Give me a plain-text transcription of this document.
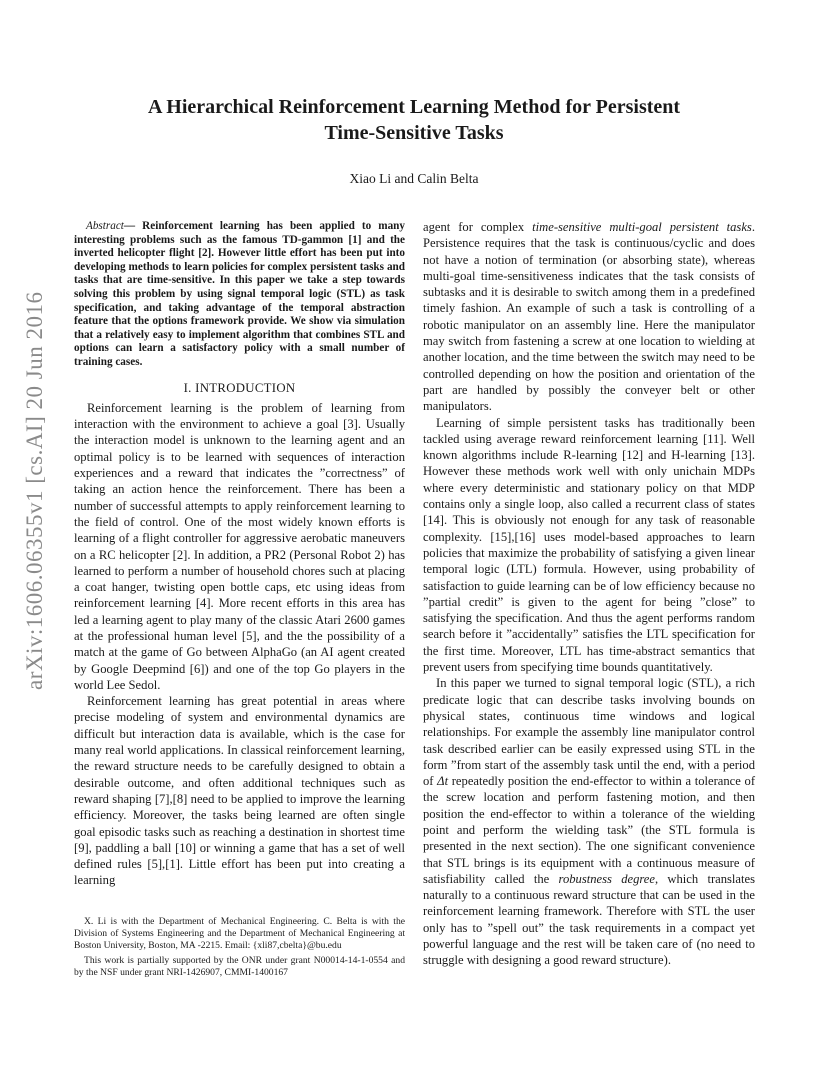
arXiv:1606.06355v1 [cs.AI] 20 Jun 2016
A Hierarchical Reinforcement Learning Method for Persistent
Time-Sensitive Tasks
Xiao Li and Calin Belta

Abstract— Reinforcement learning has been applied to many interesting problems such as the famous TD-gammon [1] and the inverted helicopter flight [2]. However little effort has been put into developing methods to learn policies for complex persistent tasks and tasks that are time-sensitive. In this paper we take a step towards solving this problem by using signal temporal logic (STL) as task specification, and taking advantage of the temporal abstraction feature that the options framework provide. We show via simulation that a relatively easy to implement algorithm that combines STL and options can learn a satisfactory policy with a small number of training cases.

I. INTRODUCTION

Reinforcement learning is the problem of learning from interaction with the environment to achieve a goal [3]. Usually the interaction model is unknown to the learning agent and an optimal policy is to be learned with sequences of interaction experiences and a reward that indicates the ”correctness” of taking an action hence the reinforcement. There has been a number of successful attempts to apply reinforcement learning to the field of control. One of the most widely known efforts is learning of a flight controller for aggressive aerobatic maneuvers on a RC helicopter [2]. In addition, a PR2 (Personal Robot 2) has learned to perform a number of household chores such at placing a coat hanger, twisting open bottle caps, etc using ideas from reinforcement learning [4]. More recent efforts in this area has led a learning agent to play many of the classic Atari 2600 games at the professional human level [5], and the the possibility of a match at the game of Go between AlphaGo (an AI agent created by Google Deepmind [6]) and one of the top Go players in the world Lee Sedol.

Reinforcement learning has great potential in areas where precise modeling of system and environmental dynamics are difficult but interaction data is available, which is the case for many real world applications. In classical reinforcement learning, the reward structure needs to be carefully designed to obtain a desirable outcome, and often additional techniques such as reward shaping [7],[8] need to be applied to improve the learning efficiency. Moreover, the tasks being learned are often single goal episodic tasks such as reaching a destination in shortest time [9], paddling a ball [10] or winning a game that has a set of well defined rules [5],[1]. Little effort has been put into creating a learning

X. Li is with the Department of Mechanical Engineering. C. Belta is with the Division of Systems Engineering and the Department of Mechanical Engineering at Boston University, Boston, MA -2215. Email: {xli87,cbelta}@bu.edu

This work is partially supported by the ONR under grant N00014-14-1-0554 and by the NSF under grant NRI-1426907, CMMI-1400167

agent for complex time-sensitive multi-goal persistent tasks. Persistence requires that the task is continuous/cyclic and does not have a notion of termination (or absorbing state), whereas multi-goal time-sensitiveness indicates that the task consists of subtasks and it is desirable to switch among them in a predefined timely fashion. An example of such a task is controlling of a robotic manipulator on an assembly line. Here the manipulator may switch from fastening a screw at one location to wielding at another location, and the time between the switch may need to be controlled depending on how the position and orientation of the part are handled by possibly the conveyer belt or other manipulators.

Learning of simple persistent tasks has traditionally been tackled using average reward reinforcement learning [11]. Well known algorithms include R-learning [12] and H-learning [13]. However these methods work well with only unichain MDPs where every deterministic and stationary policy on that MDP contains only a single loop, also called a recurrent class of states [14]. This is obviously not enough for any task of reasonable complexity. [15],[16] uses model-based approaches to learn policies that maximize the probability of satisfying a given linear temporal logic (LTL) formula. However, using probability of satisfaction to guide learning can be of low efficiency because no ”partial credit” is given to the agent for being ”close” to satisfying the specification. And thus the agent performs random search before it ”accidentally” satisfies the LTL specification for the first time. Moreover, LTL has time-abstract semantics that prevent users from specifying time bounds quantitatively.

In this paper we turned to signal temporal logic (STL), a rich predicate logic that can describe tasks involving bounds on physical states, continuous time windows and logical relationships. For example the assembly line manipulator control task described earlier can be easily expressed using STL in the form ”from start of the assembly task until the end, with a period of Δt repeatedly position the end-effector to within a tolerance of the screw location and perform fastening motion, and then position the end-effector to within a tolerance of the wielding point and perform the wielding task” (the STL formula is presented in the next section). The one significant convenience that STL brings is its equipment with a continuous measure of satisfiability called the robustness degree, which translates naturally to a continuous reward structure that can be used in the reinforcement learning framework. Therefore with STL the user only has to ”spell out” the task requirements in a compact yet powerful language and the rest will be taken care of (no need to struggle with designing a good reward structure).
